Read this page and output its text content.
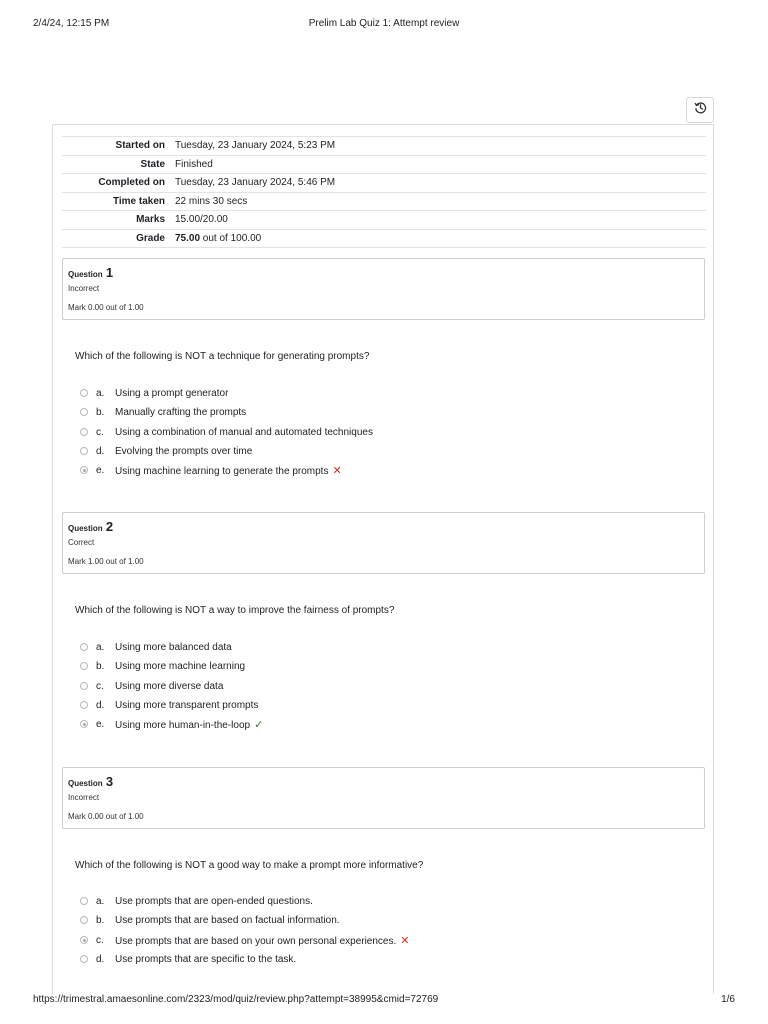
2/4/24, 12:15 PM	Prelim Lab Quiz 1: Attempt review
Started on	Tuesday, 23 January 2024, 5:23 PM
State	Finished
Completed on	Tuesday, 23 January 2024, 5:46 PM
Time taken	22 mins 30 secs
Marks	15.00/20.00
Grade	75.00 out of 100.00
Question 1
Incorrect
Mark 0.00 out of 1.00
Which of the following is NOT a technique for generating prompts?
a. Using a prompt generator
b. Manually crafting the prompts
c. Using a combination of manual and automated techniques
d. Evolving the prompts over time
e. Using machine learning to generate the prompts ✕
Question 2
Correct
Mark 1.00 out of 1.00
Which of the following is NOT a way to improve the fairness of prompts?
a. Using more balanced data
b. Using more machine learning
c. Using more diverse data
d. Using more transparent prompts
e. Using more human-in-the-loop ✓
Question 3
Incorrect
Mark 0.00 out of 1.00
Which of the following is NOT a good way to make a prompt more informative?
a. Use prompts that are open-ended questions.
b. Use prompts that are based on factual information.
c. Use prompts that are based on your own personal experiences. ✕
d. Use prompts that are specific to the task.
https://trimestral.amaesonline.com/2323/mod/quiz/review.php?attempt=38995&cmid=72769	1/6
